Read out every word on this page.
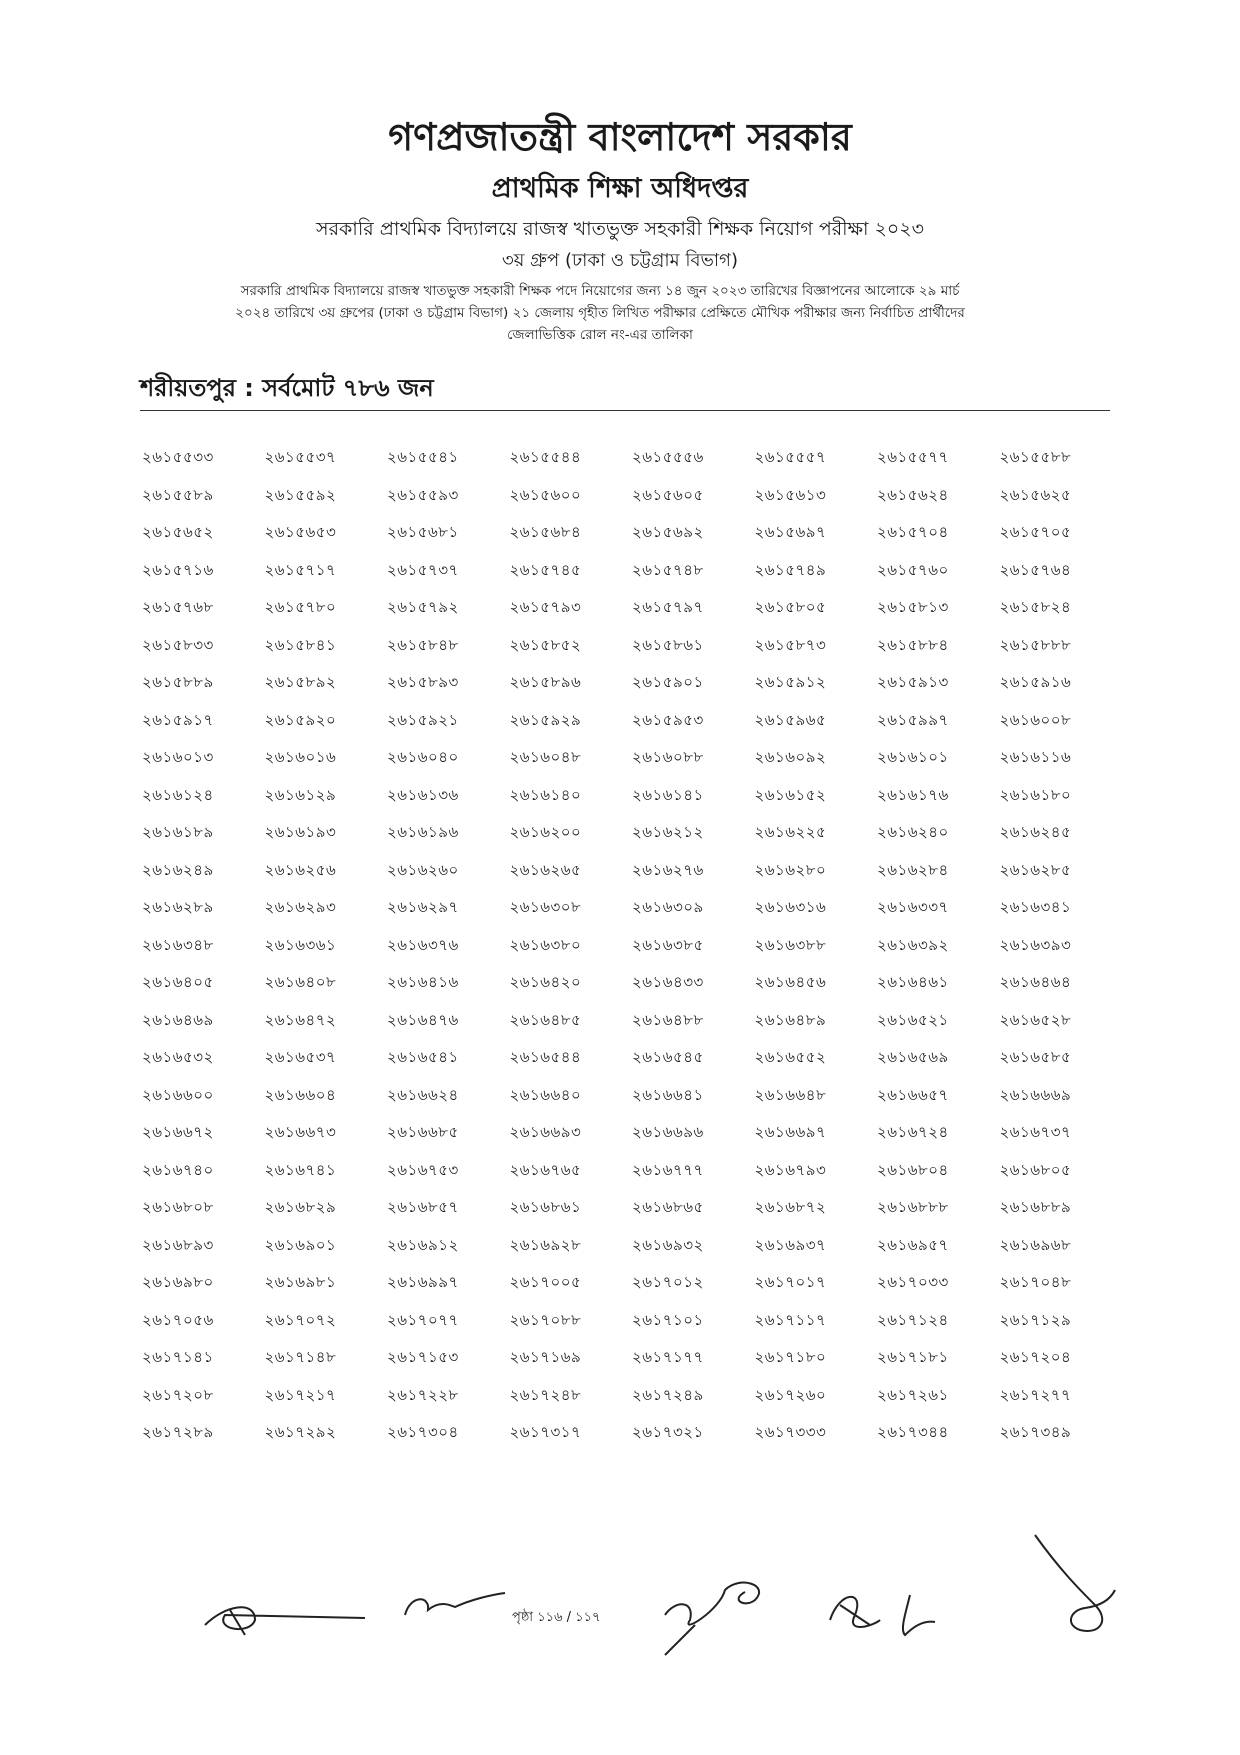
গণপ্রজাতন্ত্রী বাংলাদেশ সরকার
প্রাথমিক শিক্ষা অধিদপ্তর
সরকারি প্রাথমিক বিদ্যালয়ে রাজস্ব খাতভুক্ত সহকারী শিক্ষক নিয়োগ পরীক্ষা ২০২৩
৩য় গ্রুপ (ঢাকা ও চট্টগ্রাম বিভাগ)
সরকারি প্রাথমিক বিদ্যালয়ে রাজস্ব খাতভুক্ত সহকারী শিক্ষক পদে নিয়োগের জন্য ১৪ জুন ২০২৩ তারিখের বিজ্ঞাপনের আলোকে ২৯ মার্চ
২০২৪ তারিখে ৩য় গ্রুপের (ঢাকা ও চট্টগ্রাম বিভাগ) ২১ জেলায় গৃহীত লিখিত পরীক্ষার প্রেক্ষিতে মৌখিক পরীক্ষার জন্য নির্বাচিত প্রার্থীদের
জেলাভিত্তিক রোল নং-এর তালিকা
শরীয়তপুর : সর্বমোট ৭৮৬ জন
২৬১৫৫৩৩	২৬১৫৫৩৭	২৬১৫৫৪১	২৬১৫৫৪৪	২৬১৫৫৫৬	২৬১৫৫৫৭	২৬১৫৫৭৭	২৬১৫৫৮৮
২৬১৫৫৮৯	২৬১৫৫৯২	২৬১৫৫৯৩	২৬১৫৬০০	২৬১৫৬০৫	২৬১৫৬১৩	২৬১৫৬২৪	২৬১৫৬২৫
২৬১৫৬৫২	২৬১৫৬৫৩	২৬১৫৬৮১	২৬১৫৬৮৪	২৬১৫৬৯২	২৬১৫৬৯৭	২৬১৫৭০৪	২৬১৫৭০৫
২৬১৫৭১৬	২৬১৫৭১৭	২৬১৫৭৩৭	২৬১৫৭৪৫	২৬১৫৭৪৮	২৬১৫৭৪৯	২৬১৫৭৬০	২৬১৫৭৬৪
২৬১৫৭৬৮	২৬১৫৭৮০	২৬১৫৭৯২	২৬১৫৭৯৩	২৬১৫৭৯৭	২৬১৫৮০৫	২৬১৫৮১৩	২৬১৫৮২৪
২৬১৫৮৩৩	২৬১৫৮৪১	২৬১৫৮৪৮	২৬১৫৮৫২	২৬১৫৮৬১	২৬১৫৮৭৩	২৬১৫৮৮৪	২৬১৫৮৮৮
২৬১৫৮৮৯	২৬১৫৮৯২	২৬১৫৮৯৩	২৬১৫৮৯৬	২৬১৫৯০১	২৬১৫৯১২	২৬১৫৯১৩	২৬১৫৯১৬
২৬১৫৯১৭	২৬১৫৯২০	২৬১৫৯২১	২৬১৫৯২৯	২৬১৫৯৫৩	২৬১৫৯৬৫	২৬১৫৯৯৭	২৬১৬০০৮
২৬১৬০১৩	২৬১৬০১৬	২৬১৬০৪০	২৬১৬০৪৮	২৬১৬০৮৮	২৬১৬০৯২	২৬১৬১০১	২৬১৬১১৬
২৬১৬১২৪	২৬১৬১২৯	২৬১৬১৩৬	২৬১৬১৪০	২৬১৬১৪১	২৬১৬১৫২	২৬১৬১৭৬	২৬১৬১৮০
২৬১৬১৮৯	২৬১৬১৯৩	২৬১৬১৯৬	২৬১৬২০০	২৬১৬২১২	২৬১৬২২৫	২৬১৬২৪০	২৬১৬২৪৫
২৬১৬২৪৯	২৬১৬২৫৬	২৬১৬২৬০	২৬১৬২৬৫	২৬১৬২৭৬	২৬১৬২৮০	২৬১৬২৮৪	২৬১৬২৮৫
২৬১৬২৮৯	২৬১৬২৯৩	২৬১৬২৯৭	২৬১৬৩০৮	২৬১৬৩০৯	২৬১৬৩১৬	২৬১৬৩৩৭	২৬১৬৩৪১
২৬১৬৩৪৮	২৬১৬৩৬১	২৬১৬৩৭৬	২৬১৬৩৮০	২৬১৬৩৮৫	২৬১৬৩৮৮	২৬১৬৩৯২	২৬১৬৩৯৩
২৬১৬৪০৫	২৬১৬৪০৮	২৬১৬৪১৬	২৬১৬৪২০	২৬১৬৪৩৩	২৬১৬৪৫৬	২৬১৬৪৬১	২৬১৬৪৬৪
২৬১৬৪৬৯	২৬১৬৪৭২	২৬১৬৪৭৬	২৬১৬৪৮৫	২৬১৬৪৮৮	২৬১৬৪৮৯	২৬১৬৫২১	২৬১৬৫২৮
২৬১৬৫৩২	২৬১৬৫৩৭	২৬১৬৫৪১	২৬১৬৫৪৪	২৬১৬৫৪৫	২৬১৬৫৫২	২৬১৬৫৬৯	২৬১৬৫৮৫
২৬১৬৬০০	২৬১৬৬০৪	২৬১৬৬২৪	২৬১৬৬৪০	২৬১৬৬৪১	২৬১৬৬৪৮	২৬১৬৬৫৭	২৬১৬৬৬৯
২৬১৬৬৭২	২৬১৬৬৭৩	২৬১৬৬৮৫	২৬১৬৬৯৩	২৬১৬৬৯৬	২৬১৬৬৯৭	২৬১৬৭২৪	২৬১৬৭৩৭
২৬১৬৭৪০	২৬১৬৭৪১	২৬১৬৭৫৩	২৬১৬৭৬৫	২৬১৬৭৭৭	২৬১৬৭৯৩	২৬১৬৮০৪	২৬১৬৮০৫
২৬১৬৮০৮	২৬১৬৮২৯	২৬১৬৮৫৭	২৬১৬৮৬১	২৬১৬৮৬৫	২৬১৬৮৭২	২৬১৬৮৮৮	২৬১৬৮৮৯
২৬১৬৮৯৩	২৬১৬৯০১	২৬১৬৯১২	২৬১৬৯২৮	২৬১৬৯৩২	২৬১৬৯৩৭	২৬১৬৯৫৭	২৬১৬৯৬৮
২৬১৬৯৮০	২৬১৬৯৮১	২৬১৬৯৯৭	২৬১৭০০৫	২৬১৭০১২	২৬১৭০১৭	২৬১৭০৩৩	২৬১৭০৪৮
২৬১৭০৫৬	২৬১৭০৭২	২৬১৭০৭৭	২৬১৭০৮৮	২৬১৭১০১	২৬১৭১১৭	২৬১৭১২৪	২৬১৭১২৯
২৬১৭১৪১	২৬১৭১৪৮	২৬১৭১৫৩	২৬১৭১৬৯	২৬১৭১৭৭	২৬১৭১৮০	২৬১৭১৮১	২৬১৭২০৪
২৬১৭২০৮	২৬১৭২১৭	২৬১৭২২৮	২৬১৭২৪৮	২৬১৭২৪৯	২৬১৭২৬০	২৬১৭২৬১	২৬১৭২৭৭
২৬১৭২৮৯	২৬১৭২৯২	২৬১৭৩০৪	২৬১৭৩১৭	২৬১৭৩২১	২৬১৭৩৩৩	২৬১৭৩৪৪	২৬১৭৩৪৯
পৃষ্ঠা ১১৬ / ১১৭
